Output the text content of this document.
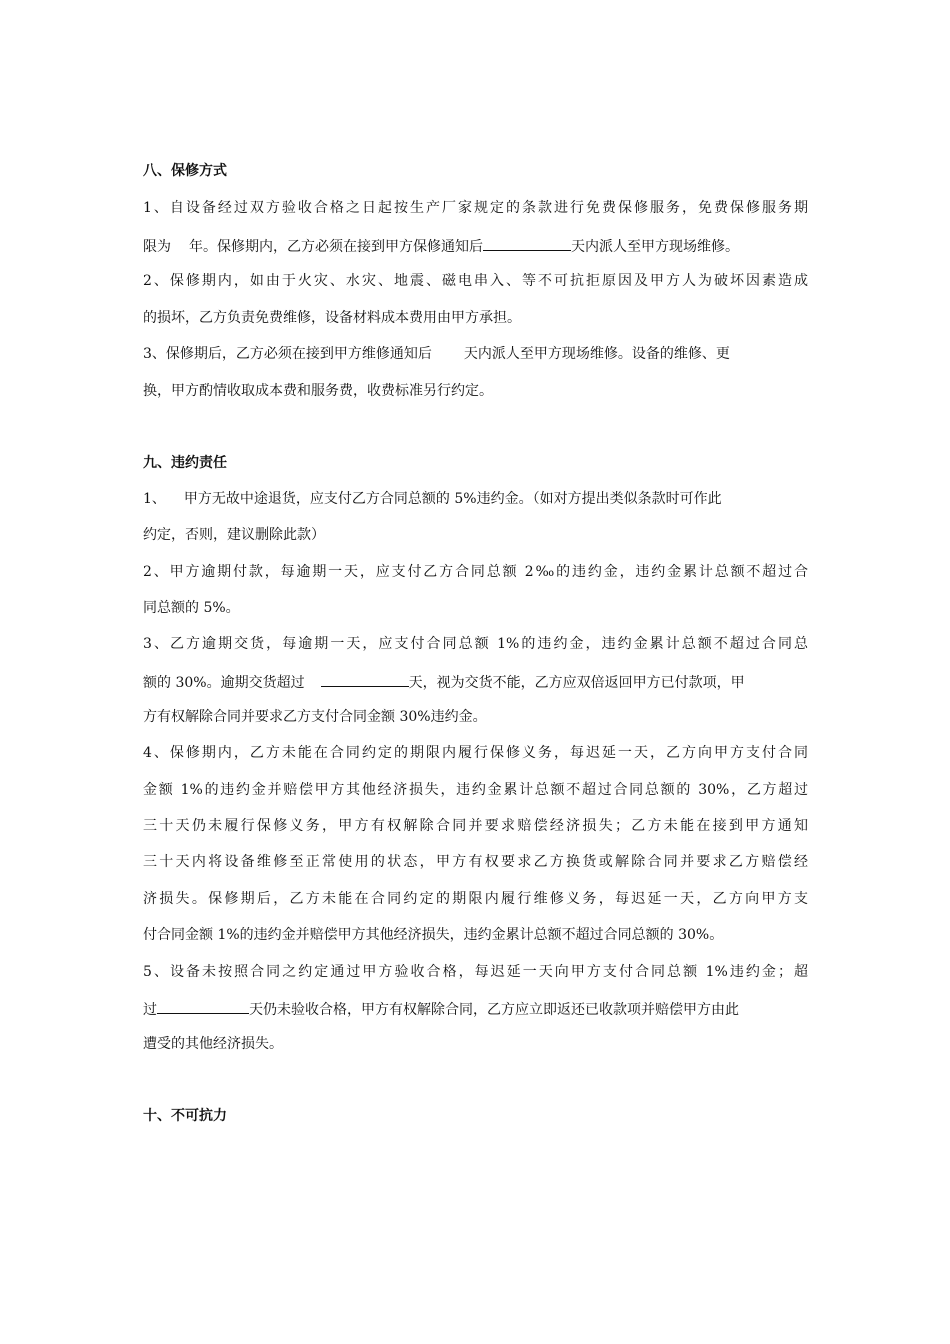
八、保修方式
1、自设备经过双方验收合格之日起按生产厂家规定的条款进行免费保修服务，免费保修服务期
限为 年。保修期内，乙方必须在接到甲方保修通知后	天内派人至甲方现场维修。
2、保修期内，如由于火灾、水灾、地震、磁电串入、等不可抗拒原因及甲方人为破坏因素造成
的损坏，乙方负责免费维修，设备材料成本费用由甲方承担。
3、保修期后，乙方必须在接到甲方维修通知后 天内派人至甲方现场维修。设备的维修、更
换，甲方酌情收取成本费和服务费，收费标准另行约定。
九、违约责任
1、 甲方无故中途退货，应支付乙方合同总额的 5%违约金。（如对方提出类似条款时可作此
约定，否则，建议删除此款）
2、甲方逾期付款，每逾期一天，应支付乙方合同总额 2‰的违约金，违约金累计总额不超过合
同总额的 5%。
3、乙方逾期交货，每逾期一天，应支付合同总额 1%的违约金，违约金累计总额不超过合同总
额的 30%。逾期交货超过	天，视为交货不能，乙方应双倍返回甲方已付款项，甲
方有权解除合同并要求乙方支付合同金额 30%违约金。
4、保修期内，乙方未能在合同约定的期限内履行保修义务，每迟延一天，乙方向甲方支付合同
金额 1%的违约金并赔偿甲方其他经济损失，违约金累计总额不超过合同总额的 30%，乙方超过
三十天仍未履行保修义务，甲方有权解除合同并要求赔偿经济损失；乙方未能在接到甲方通知
三十天内将设备维修至正常使用的状态，甲方有权要求乙方换货或解除合同并要求乙方赔偿经
济损失。保修期后，乙方未能在合同约定的期限内履行维修义务，每迟延一天，乙方向甲方支
付合同金额 1%的违约金并赔偿甲方其他经济损失，违约金累计总额不超过合同总额的 30%。
5、设备未按照合同之约定通过甲方验收合格，每迟延一天向甲方支付合同总额 1%违约金；超
过	天仍未验收合格，甲方有权解除合同，乙方应立即返还已收款项并赔偿甲方由此
遭受的其他经济损失。
十、不可抗力
